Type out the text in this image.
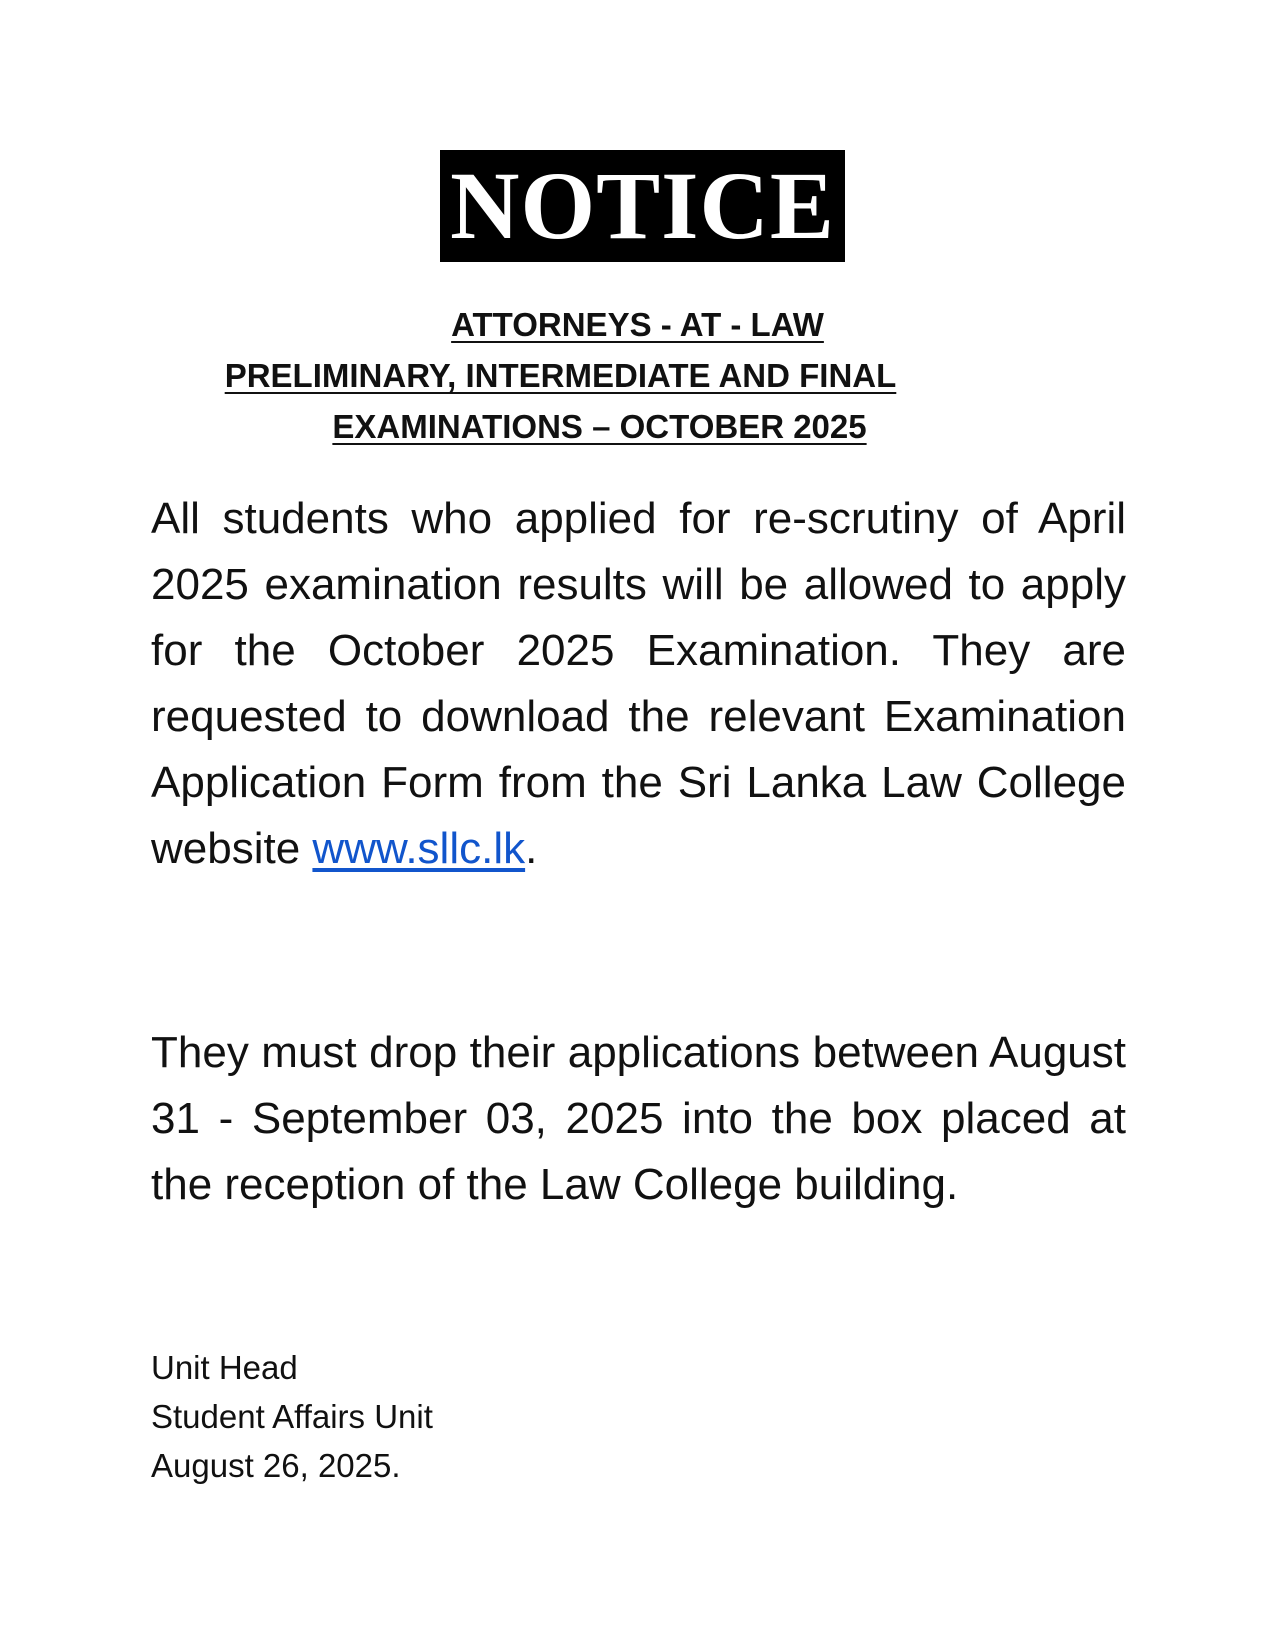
NOTICE
ATTORNEYS - AT - LAW
PRELIMINARY, INTERMEDIATE AND FINAL
EXAMINATIONS – OCTOBER 2025

All students who applied for re-scrutiny of April 2025 examination results will be allowed to apply for the October 2025 Examination. They are requested to download the relevant Examination Application Form from the Sri Lanka Law College website www.sllc.lk.

They must drop their applications between August 31 - September 03, 2025 into the box placed at the reception of the Law College building.

Unit Head
Student Affairs Unit
August 26, 2025.
